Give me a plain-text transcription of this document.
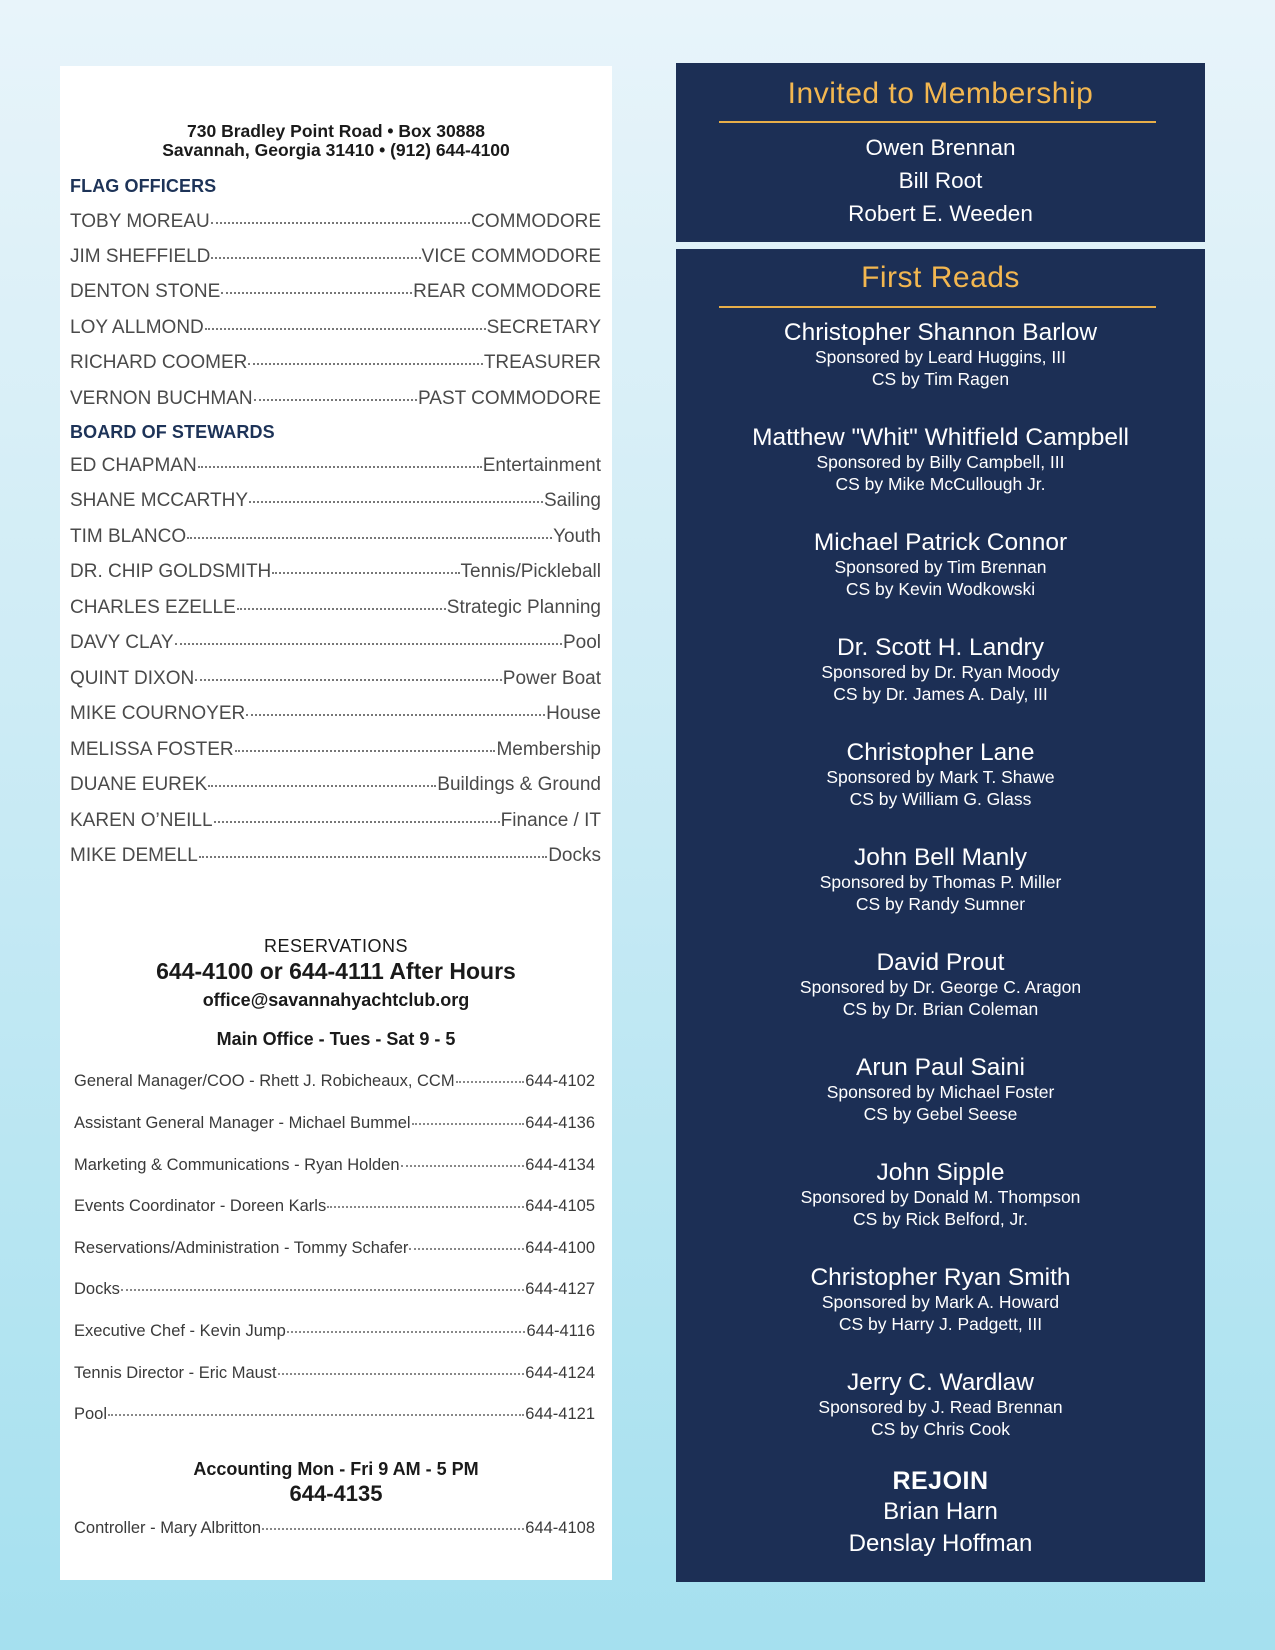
730 Bradley Point Road • Box 30888
Savannah, Georgia 31410 • (912) 644-4100
FLAG OFFICERS
TOBY MOREAU	COMMODORE
JIM SHEFFIELD	VICE COMMODORE
DENTON STONE	REAR COMMODORE
LOY ALLMOND	SECRETARY
RICHARD COOMER	TREASURER
VERNON BUCHMAN	PAST COMMODORE
BOARD OF STEWARDS
ED CHAPMAN	Entertainment
SHANE MCCARTHY	Sailing
TIM BLANCO	Youth
DR. CHIP GOLDSMITH	Tennis/Pickleball
CHARLES EZELLE	Strategic Planning
DAVY CLAY	Pool
QUINT DIXON	Power Boat
MIKE COURNOYER	House
MELISSA FOSTER	Membership
DUANE EUREK	Buildings & Ground
KAREN O’NEILL	Finance / IT
MIKE DEMELL	Docks
RESERVATIONS
644-4100 or 644-4111 After Hours
office@savannahyachtclub.org
Main Office - Tues - Sat 9 - 5
General Manager/COO - Rhett J. Robicheaux, CCM	644-4102
Assistant General Manager - Michael Bummel	644-4136
Marketing & Communications - Ryan Holden	644-4134
Events Coordinator - Doreen Karls	644-4105
Reservations/Administration - Tommy Schafer	644-4100
Docks	644-4127
Executive Chef - Kevin Jump	644-4116
Tennis Director - Eric Maust	644-4124
Pool	644-4121
Accounting Mon - Fri 9 AM - 5 PM
644-4135
Controller - Mary Albritton	644-4108
Invited to Membership
Owen Brennan
Bill Root
Robert E. Weeden
First Reads
Christopher Shannon Barlow
Sponsored by Leard Huggins, III
CS by Tim Ragen
Matthew "Whit" Whitfield Campbell
Sponsored by Billy Campbell, III
CS by Mike McCullough Jr.
Michael Patrick Connor
Sponsored by Tim Brennan
CS by Kevin Wodkowski
Dr. Scott H. Landry
Sponsored by Dr. Ryan Moody
CS by Dr. James A. Daly, III
Christopher Lane
Sponsored by Mark T. Shawe
CS by William G. Glass
John Bell Manly
Sponsored by Thomas P. Miller
CS by Randy Sumner
David Prout
Sponsored by Dr. George C. Aragon
CS by Dr. Brian Coleman
Arun Paul Saini
Sponsored by Michael Foster
CS by Gebel Seese
John Sipple
Sponsored by Donald M. Thompson
CS by Rick Belford, Jr.
Christopher Ryan Smith
Sponsored by Mark A. Howard
CS by Harry J. Padgett, III
Jerry C. Wardlaw
Sponsored by J. Read Brennan
CS by Chris Cook
REJOIN
Brian Harn
Denslay Hoffman
